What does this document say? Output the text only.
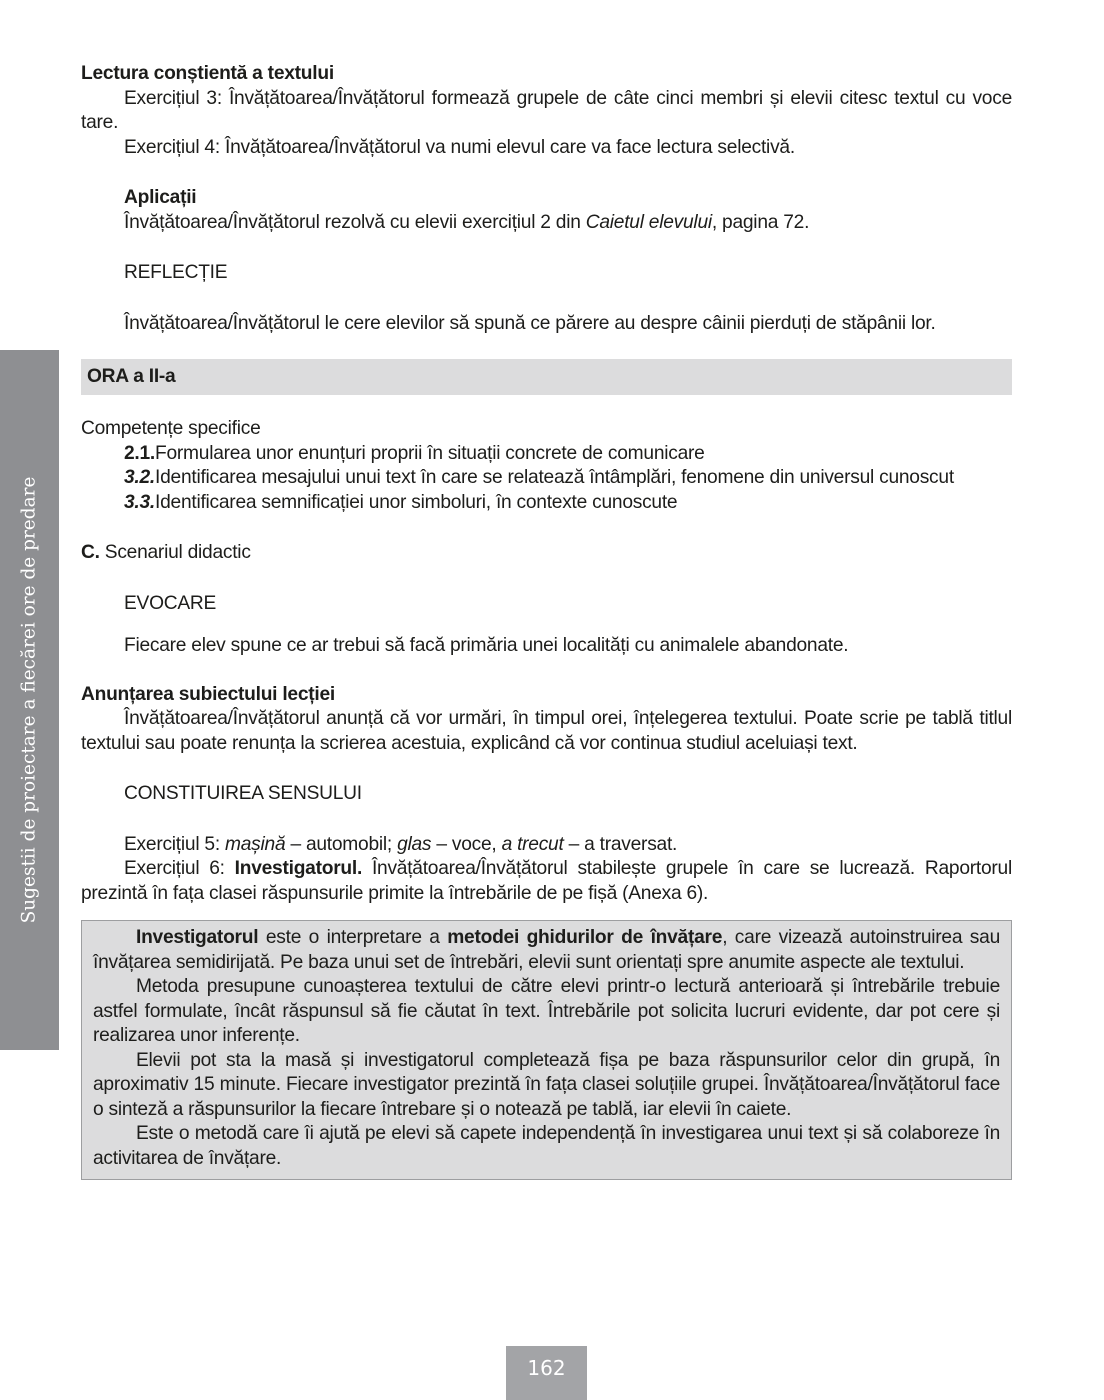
Sugestii de proiectare a fiecărei ore de predare

Lectura conștientă a textului

Exercițiul 3: Învățătoarea/Învățătorul formează grupele de câte cinci membri și elevii citesc textul cu voce tare.

Exercițiul 4: Învățătoarea/Învățătorul va numi elevul care va face lectura selectivă.

Aplicații

Învățătoarea/Învățătorul rezolvă cu elevii exercițiul 2 din Caietul elevului, pagina 72.

REFLECȚIE

Învățătoarea/Învățătorul le cere elevilor să spună ce părere au despre câinii pierduți de stăpânii lor.

ORA a II-a

Competențe specifice

2.1. Formularea unor enunțuri proprii în situații concrete de comunicare
3.2. Identificarea mesajului unui text în care se relatează întâmplări, fenomene din universul cunoscut
3.3. Identificarea semnificației unor simboluri, în contexte cunoscute

C. Scenariul didactic

EVOCARE

Fiecare elev spune ce ar trebui să facă primăria unei localități cu animalele abandonate.

Anunțarea subiectului lecției

Învățătoarea/Învățătorul anunță că vor urmări, în timpul orei, înțelegerea textului. Poate scrie pe tablă titlul textului sau poate renunța la scrierea acestuia, explicând că vor continua studiul aceluiași text.

CONSTITUIREA SENSULUI

Exercițiul 5: mașină – automobil; glas – voce, a trecut – a traversat.

Exercițiul 6: Investigatorul. Învățătoarea/Învățătorul stabilește grupele în care se lucrează. Raportorul prezintă în fața clasei răspunsurile primite la întrebările de pe fișă (Anexa 6).

Investigatorul este o interpretare a metodei ghidurilor de învățare, care vizează autoinstruirea sau învățarea semidirijată. Pe baza unui set de întrebări, elevii sunt orientați spre anumite aspecte ale textului.

Metoda presupune cunoașterea textului de către elevi printr-o lectură anterioară și întrebările trebuie astfel formulate, încât răspunsul să fie căutat în text. Întrebările pot solicita lucruri evidente, dar pot cere și realizarea unor inferențe.

Elevii pot sta la masă și investigatorul completează fișa pe baza răspunsurilor celor din grupă, în aproximativ 15 minute. Fiecare investigator prezintă în fața clasei soluțiile grupei. Învățătoarea/Învățătorul face o sinteză a răspunsurilor la fiecare întrebare și o notează pe tablă, iar elevii în caiete.

Este o metodă care îi ajută pe elevi să capete independență în investigarea unui text și să colaboreze în activitarea de învățare.

162
